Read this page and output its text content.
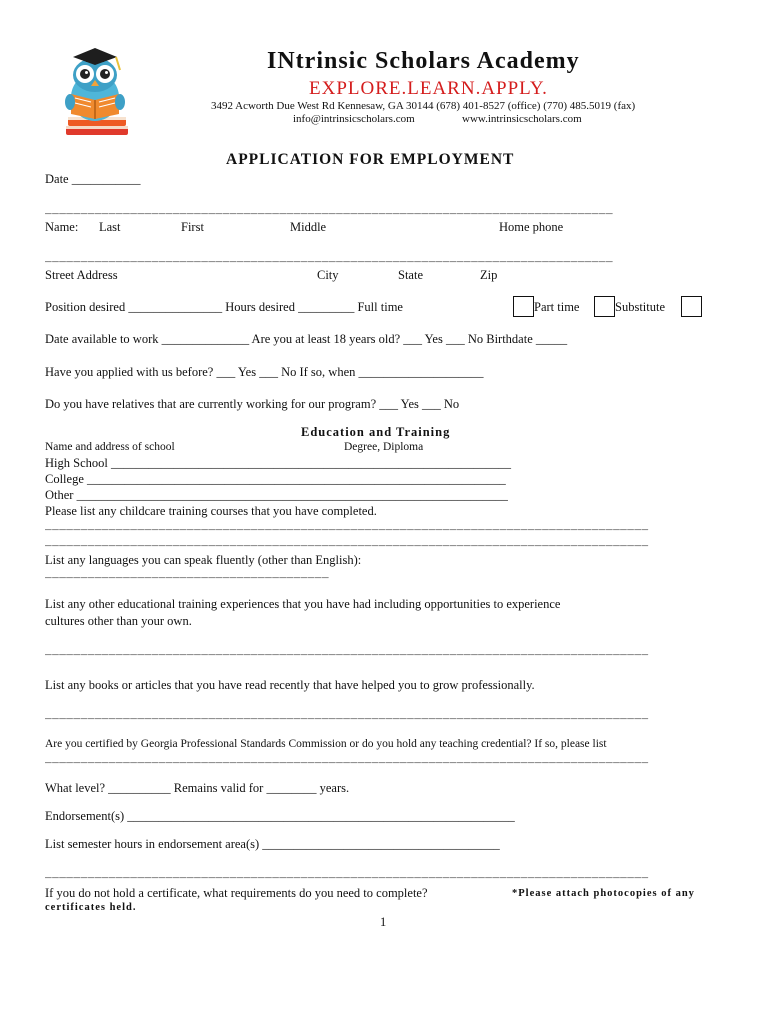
INtrinsic Scholars Academy
EXPLORE.LEARN.APPLY.
3492 Acworth Due West Rd Kennesaw, GA 30144 (678) 401-8527 (office) (770) 485.5019 (fax)
info@intrinsicscholars.com	www.intrinsicscholars.com
APPLICATION FOR EMPLOYMENT
Date ___________
________________________________________________________________________________
Name: Last	First	Middle	Home phone
________________________________________________________________________________
Street Address	City	State	Zip
Position desired _______________ Hours desired _________ Full time	Part time	Substitute
Date available to work ______________ Are you at least 18 years old? ___ Yes ___ No Birthdate _____
Have you applied with us before? ___ Yes ___ No If so, when ____________________
Do you have relatives that are currently working for our program? ___ Yes ___ No
Education and Training
Name and address of school	Degree, Diploma
High School ________________________________________________________________
College ___________________________________________________________________
Other _____________________________________________________________________
Please list any childcare training courses that you have completed.
_____________________________________________________________________________________
_____________________________________________________________________________________
List any languages you can speak fluently (other than English):
________________________________________
List any other educational training experiences that you have had including opportunities to experience
cultures other than your own.
_____________________________________________________________________________________
List any books or articles that you have read recently that have helped you to grow professionally.
_____________________________________________________________________________________
Are you certified by Georgia Professional Standards Commission or do you hold any teaching credential? If so, please list
_____________________________________________________________________________________
What level? __________ Remains valid for ________ years.
Endorsement(s) ______________________________________________________________
List semester hours in endorsement area(s) ______________________________________
_____________________________________________________________________________________
If you do not hold a certificate, what requirements do you need to complete?	*Please attach photocopies of any
certificates held.
1
